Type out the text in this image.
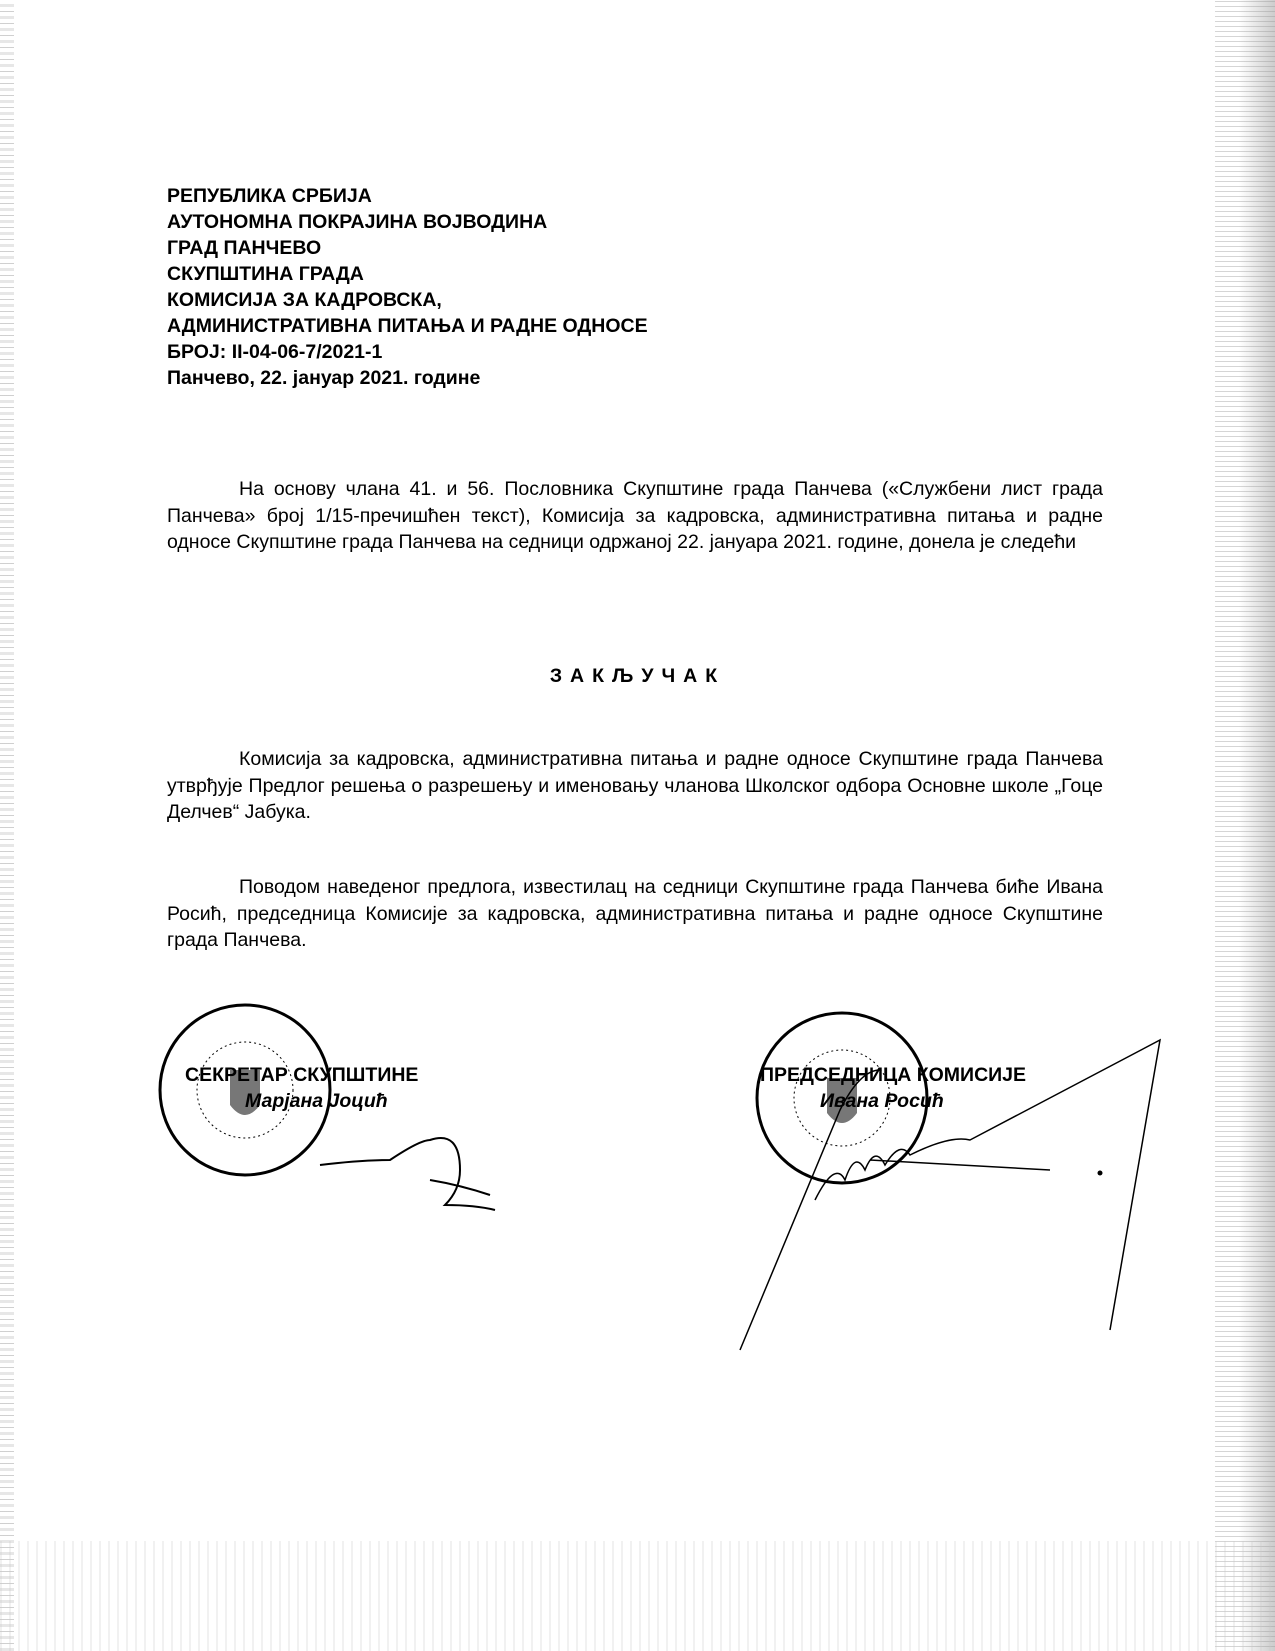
РЕПУБЛИКА СРБИЈА
АУТОНОМНА ПОКРАЈИНА ВОЈВОДИНА
ГРАД ПАНЧЕВО
СКУПШТИНА ГРАДА
КОМИСИЈА ЗА КАДРОВСКА,
АДМИНИСТРАТИВНА ПИТАЊА И РАДНЕ ОДНОСЕ
БРОЈ: II-04-06-7/2021-1
Панчево, 22. јануар 2021. године
На основу члана 41. и 56. Пословника Скупштине града Панчева («Службени лист града Панчева» број 1/15-пречишћен текст), Комисија за кадровска, административна питања и радне односе Скупштине града Панчева на седници одржаној 22. јануара 2021. године, донела је следећи
ЗАКЉУЧАК
Комисија за кадровска, административна питања и радне односе Скупштине града Панчева утврђује Предлог решења о разрешењу и именовању чланова Школског одбора Основне школе „Гоце Делчев“ Јабука.
Поводом наведеног предлога, известилац на седници Скупштине града Панчева биће Ивана Росић, председница Комисије за кадровска, административна питања и радне односе Скупштине града Панчева.
СЕКРЕТАР СКУПШТИНЕ
Марјана Јоцић
ПРЕДСЕДНИЦА КОМИСИЈЕ
Ивана Росић
